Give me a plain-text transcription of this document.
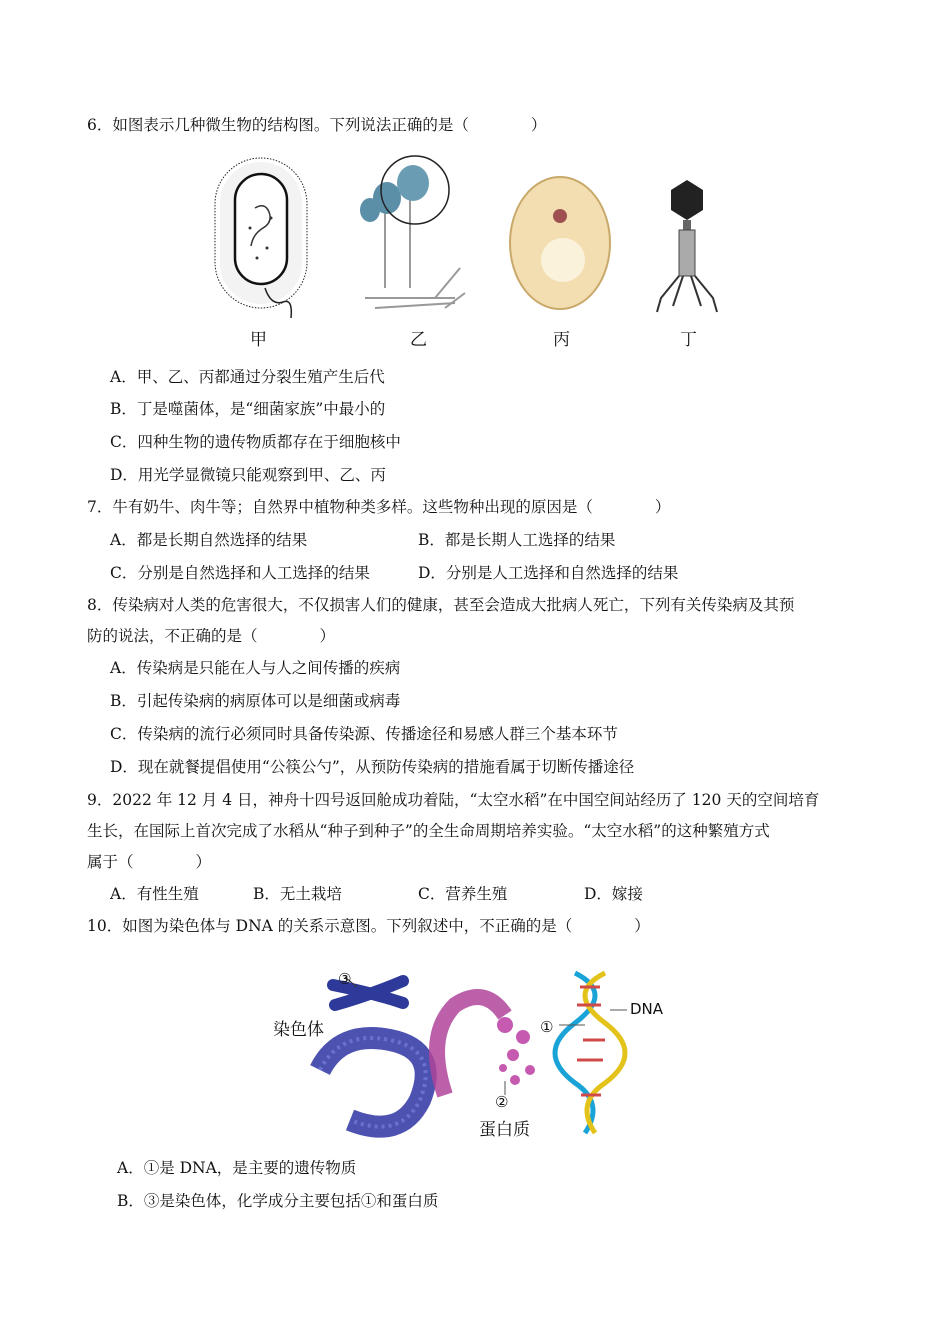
6．如图表示几种微生物的结构图。下列说法正确的是（　　　　）
甲	乙	丙	丁
A．甲、乙、丙都通过分裂生殖产生后代
B．丁是噬菌体，是“细菌家族”中最小的
C．四种生物的遗传物质都存在于细胞核中
D．用光学显微镜只能观察到甲、乙、丙
7．牛有奶牛、肉牛等；自然界中植物种类多样。这些物种出现的原因是（　　　　）
A．都是长期自然选择的结果	B．都是长期人工选择的结果
C．分别是自然选择和人工选择的结果	D．分别是人工选择和自然选择的结果
8．传染病对人类的危害很大，不仅损害人们的健康，甚至会造成大批病人死亡，下列有关传染病及其预
防的说法，不正确的是（　　　　）
A．传染病是只能在人与人之间传播的疾病
B．引起传染病的病原体可以是细菌或病毒
C．传染病的流行必须同时具备传染源、传播途径和易感人群三个基本环节
D．现在就餐提倡使用“公筷公勺”，从预防传染病的措施看属于切断传播途径
9．2022 年 12 月 4 日，神舟十四号返回舱成功着陆，“太空水稻”在中国空间站经历了 120 天的空间培育
生长，在国际上首次完成了水稻从“种子到种子”的全生命周期培养实验。“太空水稻”的这种繁殖方式
属于（　　　　）
A．有性生殖	B．无土栽培	C．营养生殖	D．嫁接
10．如图为染色体与 DNA 的关系示意图。下列叙述中，不正确的是（　　　　）
③
染色体	①
DNA
②
蛋白质
A．①是 DNA，是主要的遗传物质
B．③是染色体，化学成分主要包括①和蛋白质
